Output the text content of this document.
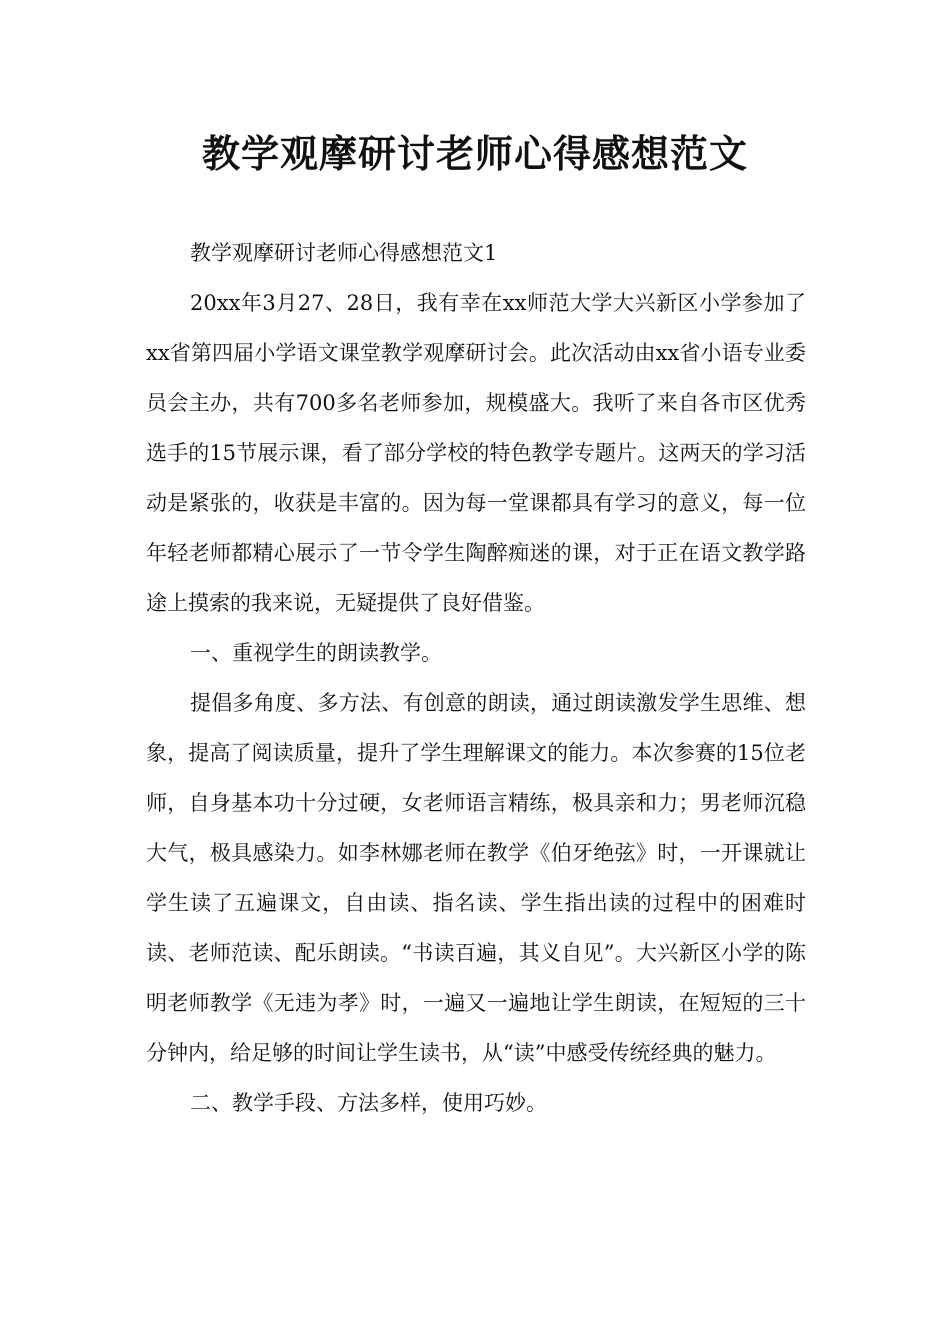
教学观摩研讨老师心得感想范文

教学观摩研讨老师心得感想范文1

20xx年3月27、28日，我有幸在xx师范大学大兴新区小学参加了xx省第四届小学语文课堂教学观摩研讨会。此次活动由xx省小语专业委员会主办，共有700多名老师参加，规模盛大。我听了来自各市区优秀选手的15节展示课，看了部分学校的特色教学专题片。这两天的学习活动是紧张的，收获是丰富的。因为每一堂课都具有学习的意义，每一位年轻老师都精心展示了一节令学生陶醉痴迷的课，对于正在语文教学路途上摸索的我来说，无疑提供了良好借鉴。

一、重视学生的朗读教学。

提倡多角度、多方法、有创意的朗读，通过朗读激发学生思维、想象，提高了阅读质量，提升了学生理解课文的能力。本次参赛的15位老师，自身基本功十分过硬，女老师语言精练，极具亲和力；男老师沉稳大气，极具感染力。如李林娜老师在教学《伯牙绝弦》时，一开课就让学生读了五遍课文，自由读、指名读、学生指出读的过程中的困难时读、老师范读、配乐朗读。“书读百遍，其义自见”。大兴新区小学的陈明老师教学《无违为孝》时，一遍又一遍地让学生朗读，在短短的三十分钟内，给足够的时间让学生读书，从“读”中感受传统经典的魅力。

二、教学手段、方法多样，使用巧妙。
